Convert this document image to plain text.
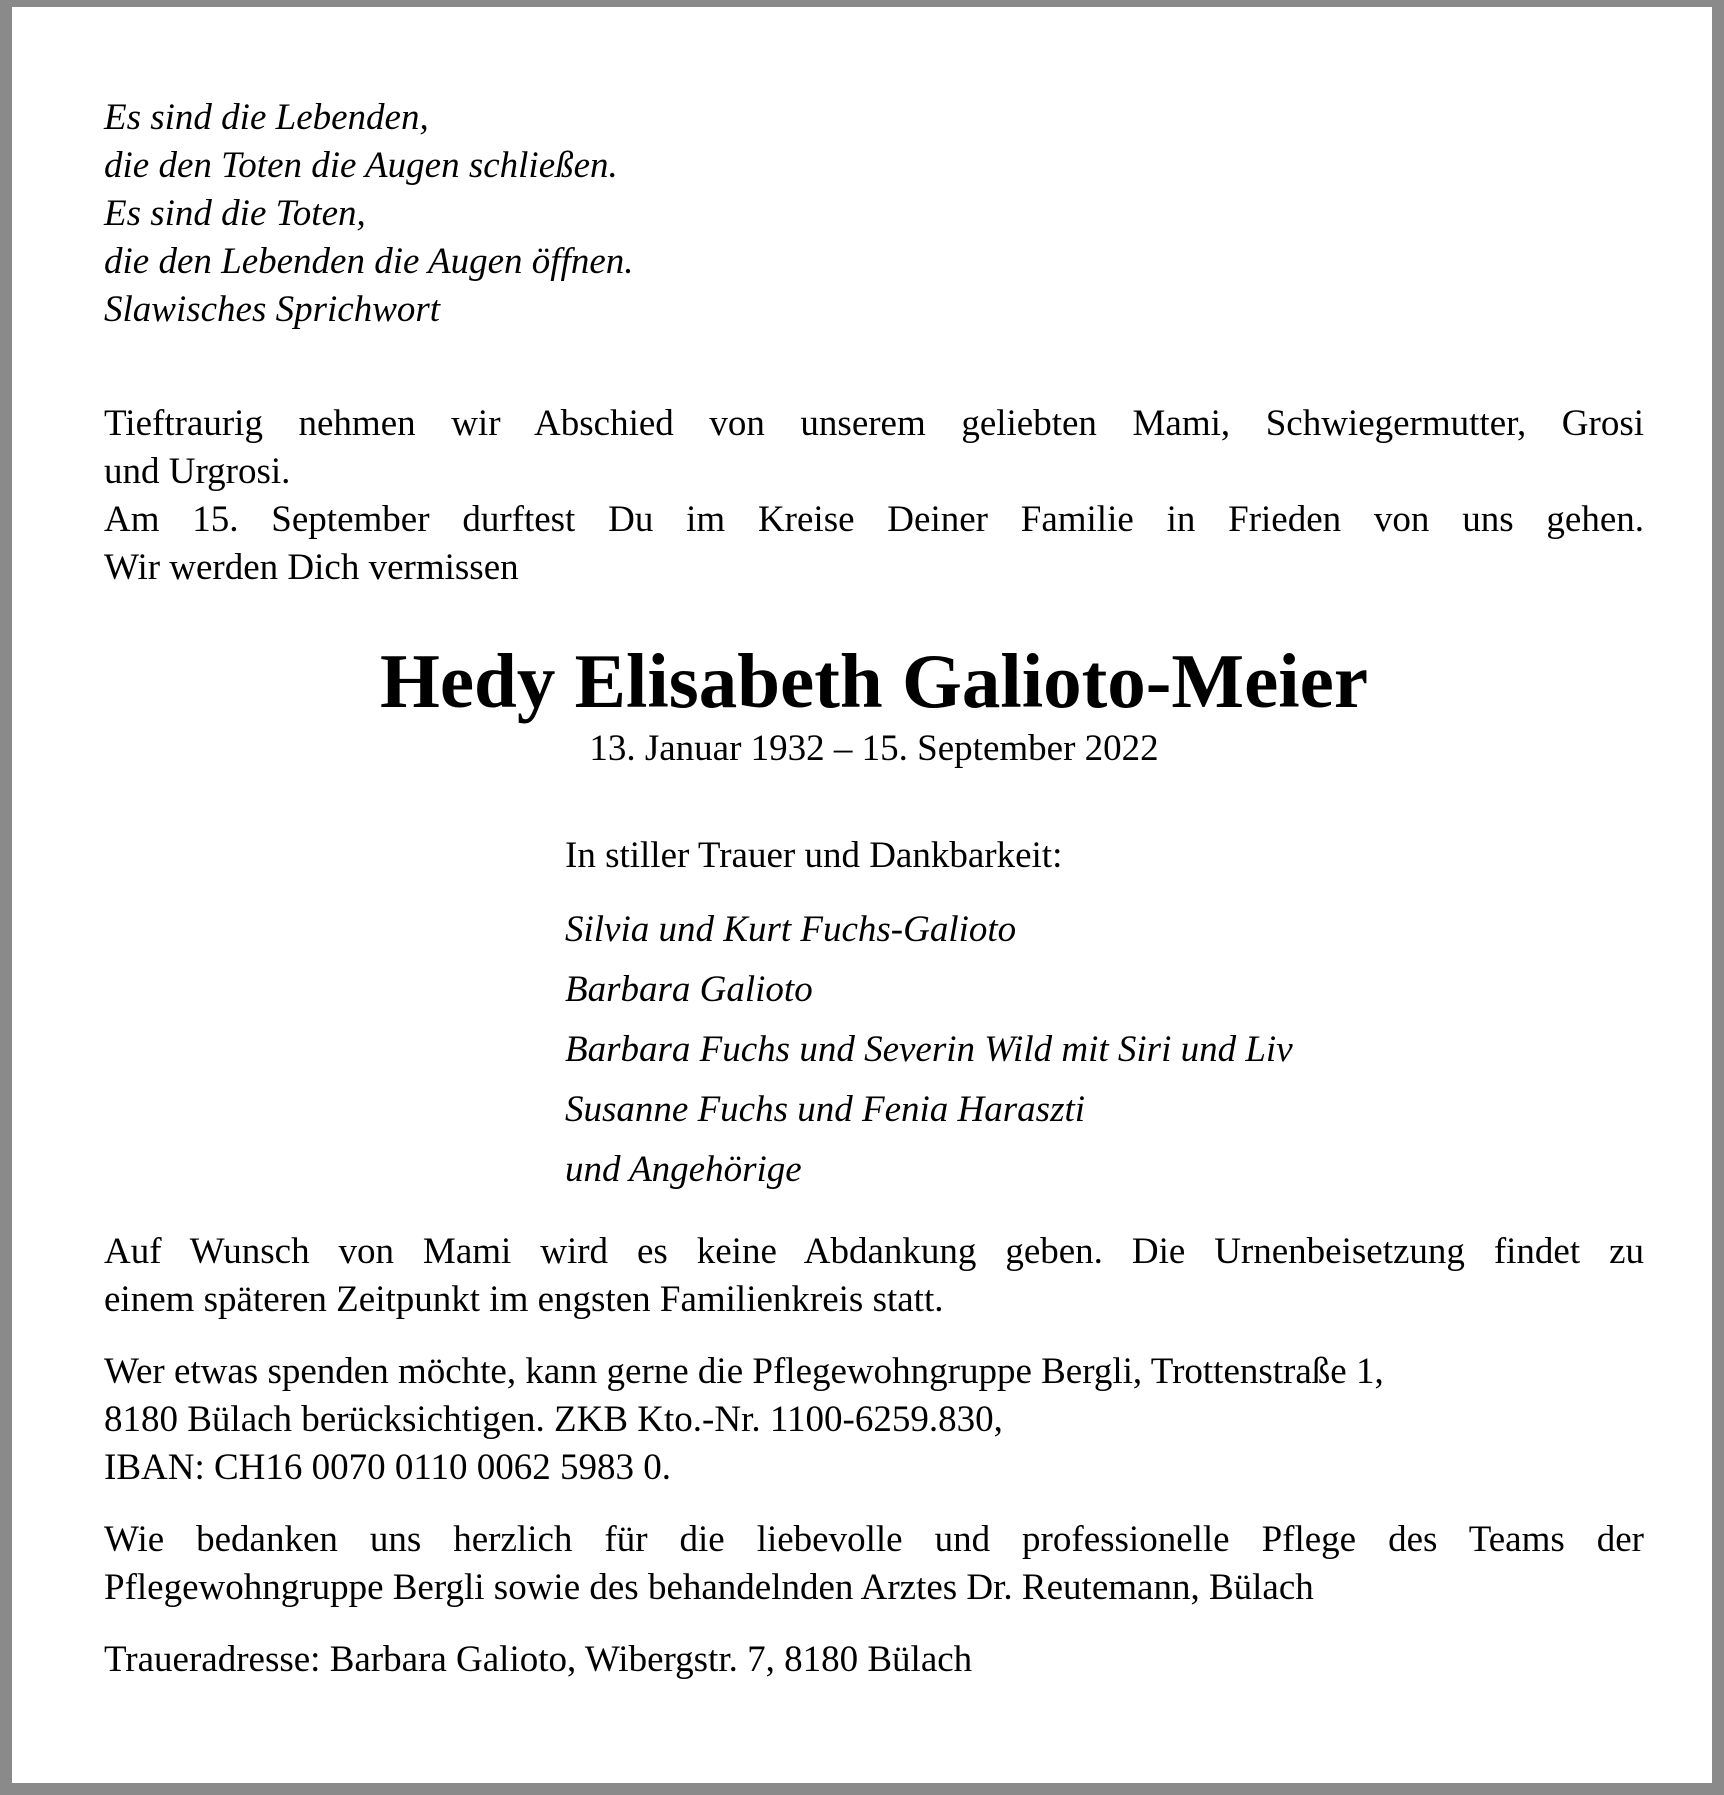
Es sind die Lebenden,
die den Toten die Augen schließen.
Es sind die Toten,
die den Lebenden die Augen öffnen.
Slawisches Sprichwort
Tieftraurig nehmen wir Abschied von unserem geliebten Mami, Schwiegermutter, Grosi
und Urgrosi.
Am 15. September durftest Du im Kreise Deiner Familie in Frieden von uns gehen.
Wir werden Dich vermissen
Hedy Elisabeth Galioto-Meier

13. Januar 1932 – 15. September 2022

In stiller Trauer und Dankbarkeit:

Silvia und Kurt Fuchs-Galioto
Barbara Galioto
Barbara Fuchs und Severin Wild mit Siri und Liv
Susanne Fuchs und Fenia Haraszti
und Angehörige
Auf Wunsch von Mami wird es keine Abdankung geben. Die Urnenbeisetzung findet zu
einem späteren Zeitpunkt im engsten Familienkreis statt.
Wer etwas spenden möchte, kann gerne die Pflegewohngruppe Bergli, Trottenstraße 1,
8180 Bülach berücksichtigen. ZKB Kto.-Nr. 1100-6259.830,
IBAN: CH16 0070 0110 0062 5983 0.
Wie bedanken uns herzlich für die liebevolle und professionelle Pflege des Teams der
Pflegewohngruppe Bergli sowie des behandelnden Arztes Dr. Reutemann, Bülach
Traueradresse: Barbara Galioto, Wibergstr. 7, 8180 Bülach
